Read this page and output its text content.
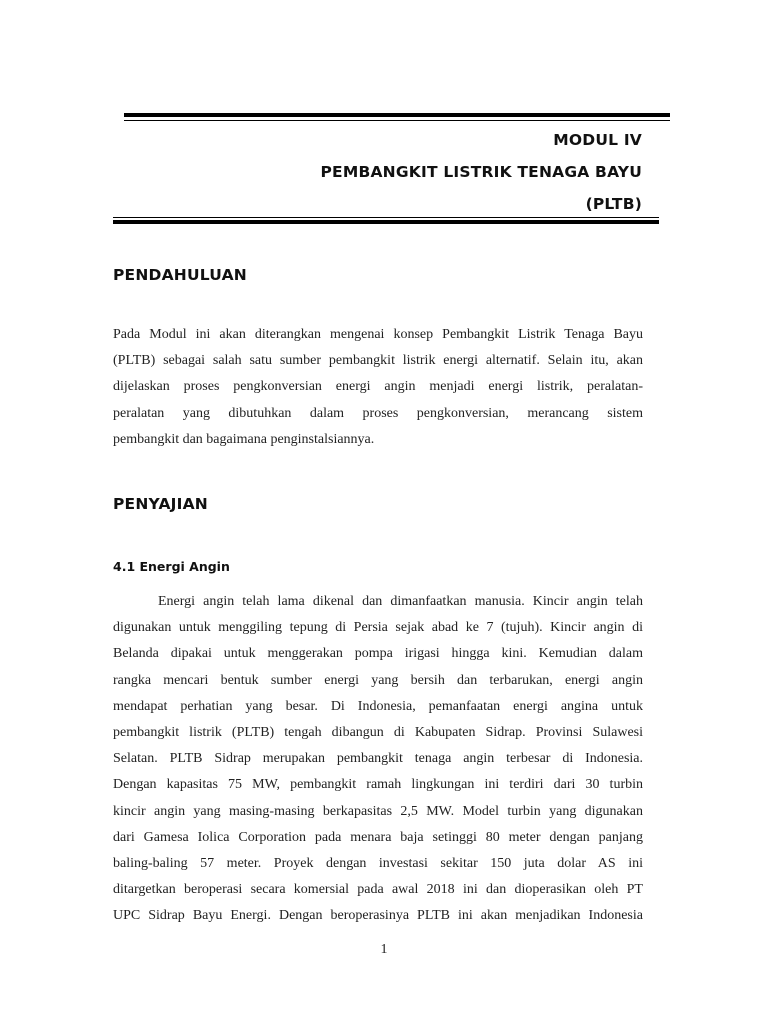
MODUL IV
PEMBANGKIT LISTRIK TENAGA BAYU
(PLTB)
PENDAHULUAN
Pada Modul ini akan diterangkan mengenai konsep Pembangkit Listrik Tenaga Bayu
(PLTB) sebagai salah satu sumber pembangkit listrik energi alternatif. Selain itu, akan
dijelaskan proses pengkonversian energi angin menjadi energi listrik, peralatan-
peralatan yang dibutuhkan dalam proses pengkonversian, merancang sistem
pembangkit dan bagaimana penginstalsiannya.
PENYAJIAN
4.1 Energi Angin
Energi angin telah lama dikenal dan dimanfaatkan manusia. Kincir angin telah
digunakan untuk menggiling tepung di Persia sejak abad ke 7 (tujuh). Kincir angin di
Belanda dipakai untuk menggerakan pompa irigasi hingga kini. Kemudian dalam
rangka mencari bentuk sumber energi yang bersih dan terbarukan, energi angin
mendapat perhatian yang besar. Di Indonesia, pemanfaatan energi angina untuk
pembangkit listrik (PLTB) tengah dibangun di Kabupaten Sidrap. Provinsi Sulawesi
Selatan. PLTB Sidrap merupakan pembangkit tenaga angin terbesar di Indonesia.
Dengan kapasitas 75 MW, pembangkit ramah lingkungan ini terdiri dari 30 turbin
kincir angin yang masing-masing berkapasitas 2,5 MW. Model turbin yang digunakan
dari Gamesa Iolica Corporation pada menara baja setinggi 80 meter dengan panjang
baling-baling 57 meter. Proyek dengan investasi sekitar 150 juta dolar AS ini
ditargetkan beroperasi secara komersial pada awal 2018 ini dan dioperasikan oleh PT
UPC Sidrap Bayu Energi. Dengan beroperasinya PLTB ini akan menjadikan Indonesia

1
